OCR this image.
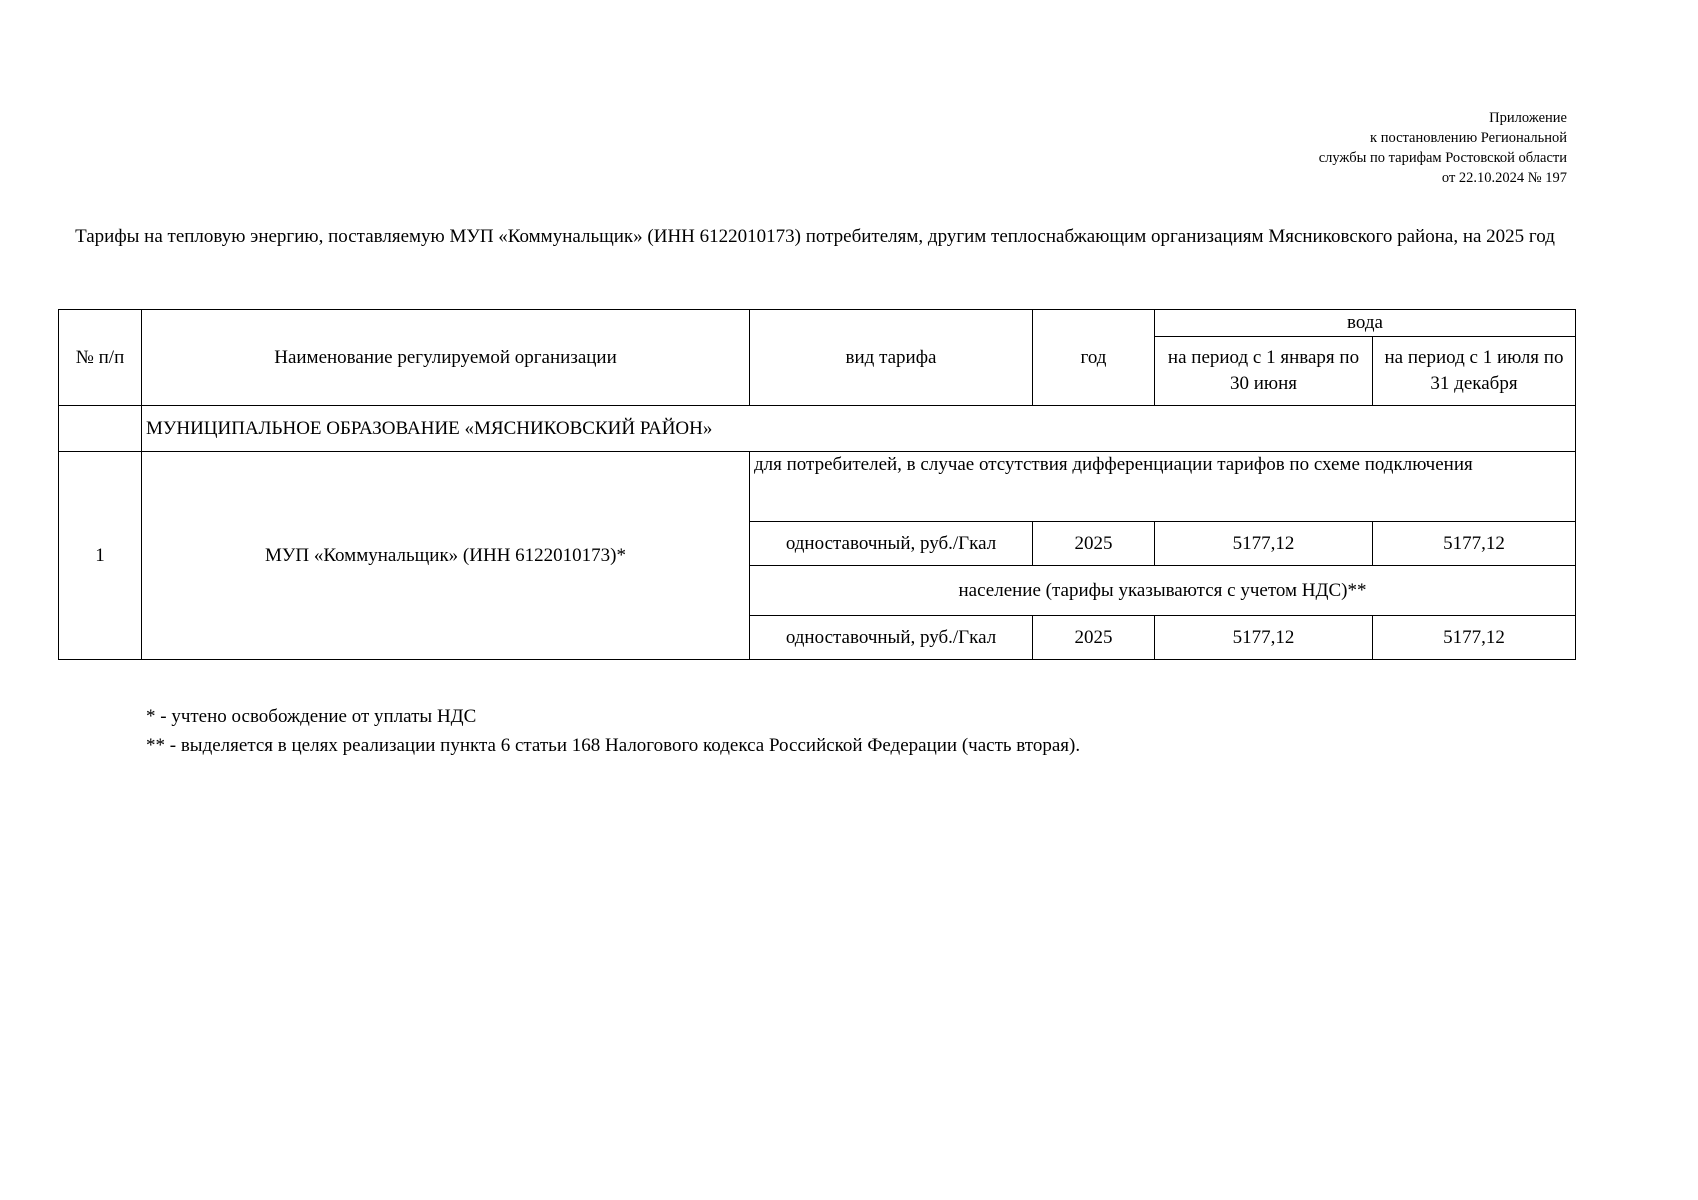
Приложение
к постановлению Региональной
службы по тарифам Ростовской области
от 22.10.2024 № 197
Тарифы на тепловую энергию, поставляемую МУП «Коммунальщик» (ИНН 6122010173) потребителям, другим теплоснабжающим организациям Мясниковского района, на 2025 год
№ п/п	Наименование регулируемой организации	вид тарифа	год	вода	
				на период с 1 января по 30 июня	на период с 1 июля по 31 декабря
	МУНИЦИПАЛЬНОЕ ОБРАЗОВАНИЕ «МЯСНИКОВСКИЙ РАЙОН»				
1	МУП «Коммунальщик» (ИНН 6122010173)*	для потребителей, в случае отсутствия дифференциации тарифов по схеме подключения			
		одноставочный, руб./Гкал	2025	5177,12	5177,12
		население (тарифы указываются с учетом НДС)**			
		одноставочный, руб./Гкал	2025	5177,12	5177,12
* - учтено освобождение от уплаты НДС
** - выделяется в целях реализации пункта 6 статьи 168 Налогового кодекса Российской Федерации (часть вторая).
